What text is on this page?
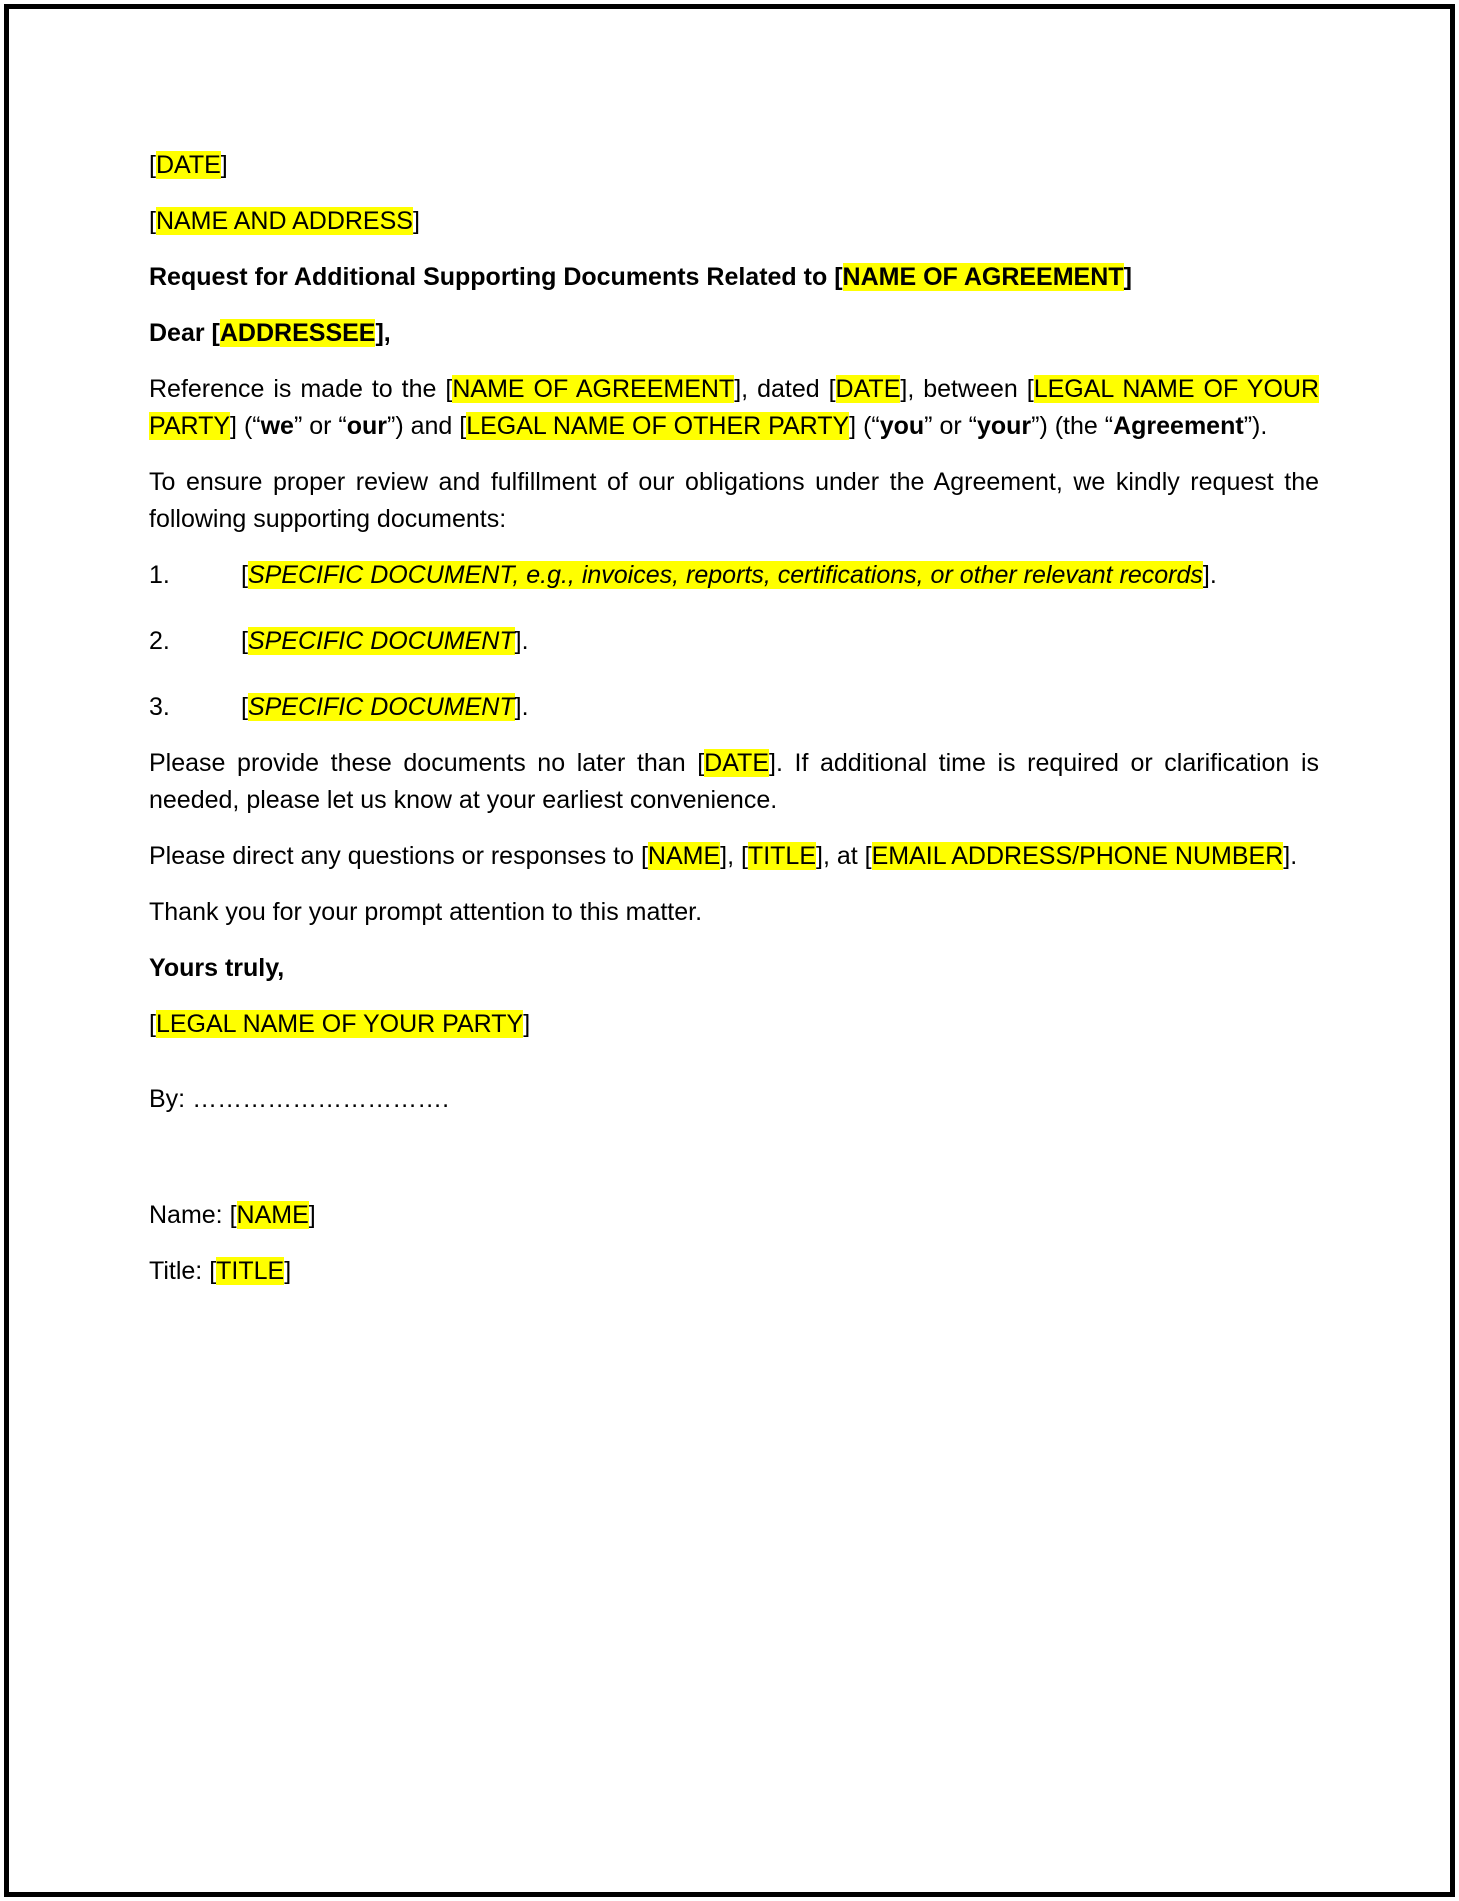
[DATE]

[NAME AND ADDRESS]

Request for Additional Supporting Documents Related to [NAME OF AGREEMENT]

Dear [ADDRESSEE],

Reference is made to the [NAME OF AGREEMENT], dated [DATE], between [LEGAL NAME OF YOUR PARTY] (“we” or “our”) and [LEGAL NAME OF OTHER PARTY] (“you” or “your”) (the “Agreement”).

To ensure proper review and fulfillment of our obligations under the Agreement, we kindly request the following supporting documents:

1.	[SPECIFIC DOCUMENT, e.g., invoices, reports, certifications, or other relevant records].
2.	[SPECIFIC DOCUMENT].
3.	[SPECIFIC DOCUMENT].

Please provide these documents no later than [DATE]. If additional time is required or clarification is needed, please let us know at your earliest convenience.

Please direct any questions or responses to [NAME], [TITLE], at [EMAIL ADDRESS/PHONE NUMBER].

Thank you for your prompt attention to this matter.

Yours truly,

[LEGAL NAME OF YOUR PARTY]

By: ………………………….

Name: [NAME]

Title: [TITLE]
